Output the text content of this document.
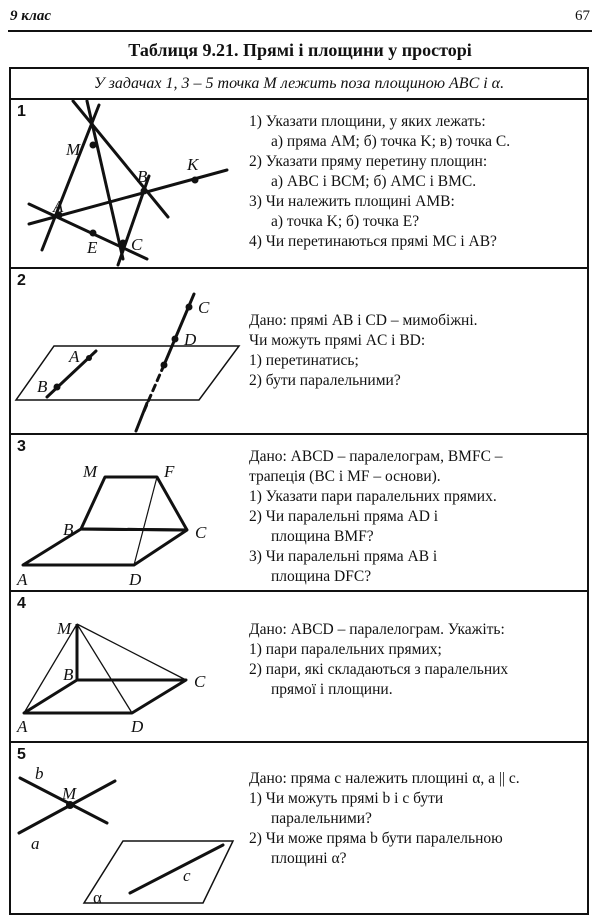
9 клас	67
Таблиця 9.21. Прямі і площини у просторі
У задачах 1, 3 – 5 точка M лежить поза площиною ABC і α.
1
M
B
K
A
E C
1) Указати площини, у яких лежать:
а) пряма AM; б) точка K; в) точка C.
2) Указати пряму перетину площин:
а) ABC і BCM; б) AMC і BMC.
3) Чи належить площині AMB:
а) точка K; б) точка E?
4) Чи перетинаються прямі MC і AB?
2
C
D
A
B
Дано: прямі AB і CD – мимобіжні.
Чи можуть прямі AC і BD:
1) перетинатись;
2) бути паралельними?
3
M	F
B	C
A	D
Дано: ABCD – паралелограм, BMFC –
трапеція (BC і MF – основи).
1) Указати пари паралельних прямих.
2) Чи паралельні пряма AD і
площина BMF?
3) Чи паралельні пряма AB і
площина DFC?
4
M
B	C
A	D
Дано: ABCD – паралелограм. Укажіть:
1) пари паралельних прямих;
2) пари, які складаються з паралельних
прямої і площини.
5
b
M
a
c
α
Дано: пряма c належить площині α, a || c.
1) Чи можуть прямі b і c бути
паралельними?
2) Чи може пряма b бути паралельною
площині α?
